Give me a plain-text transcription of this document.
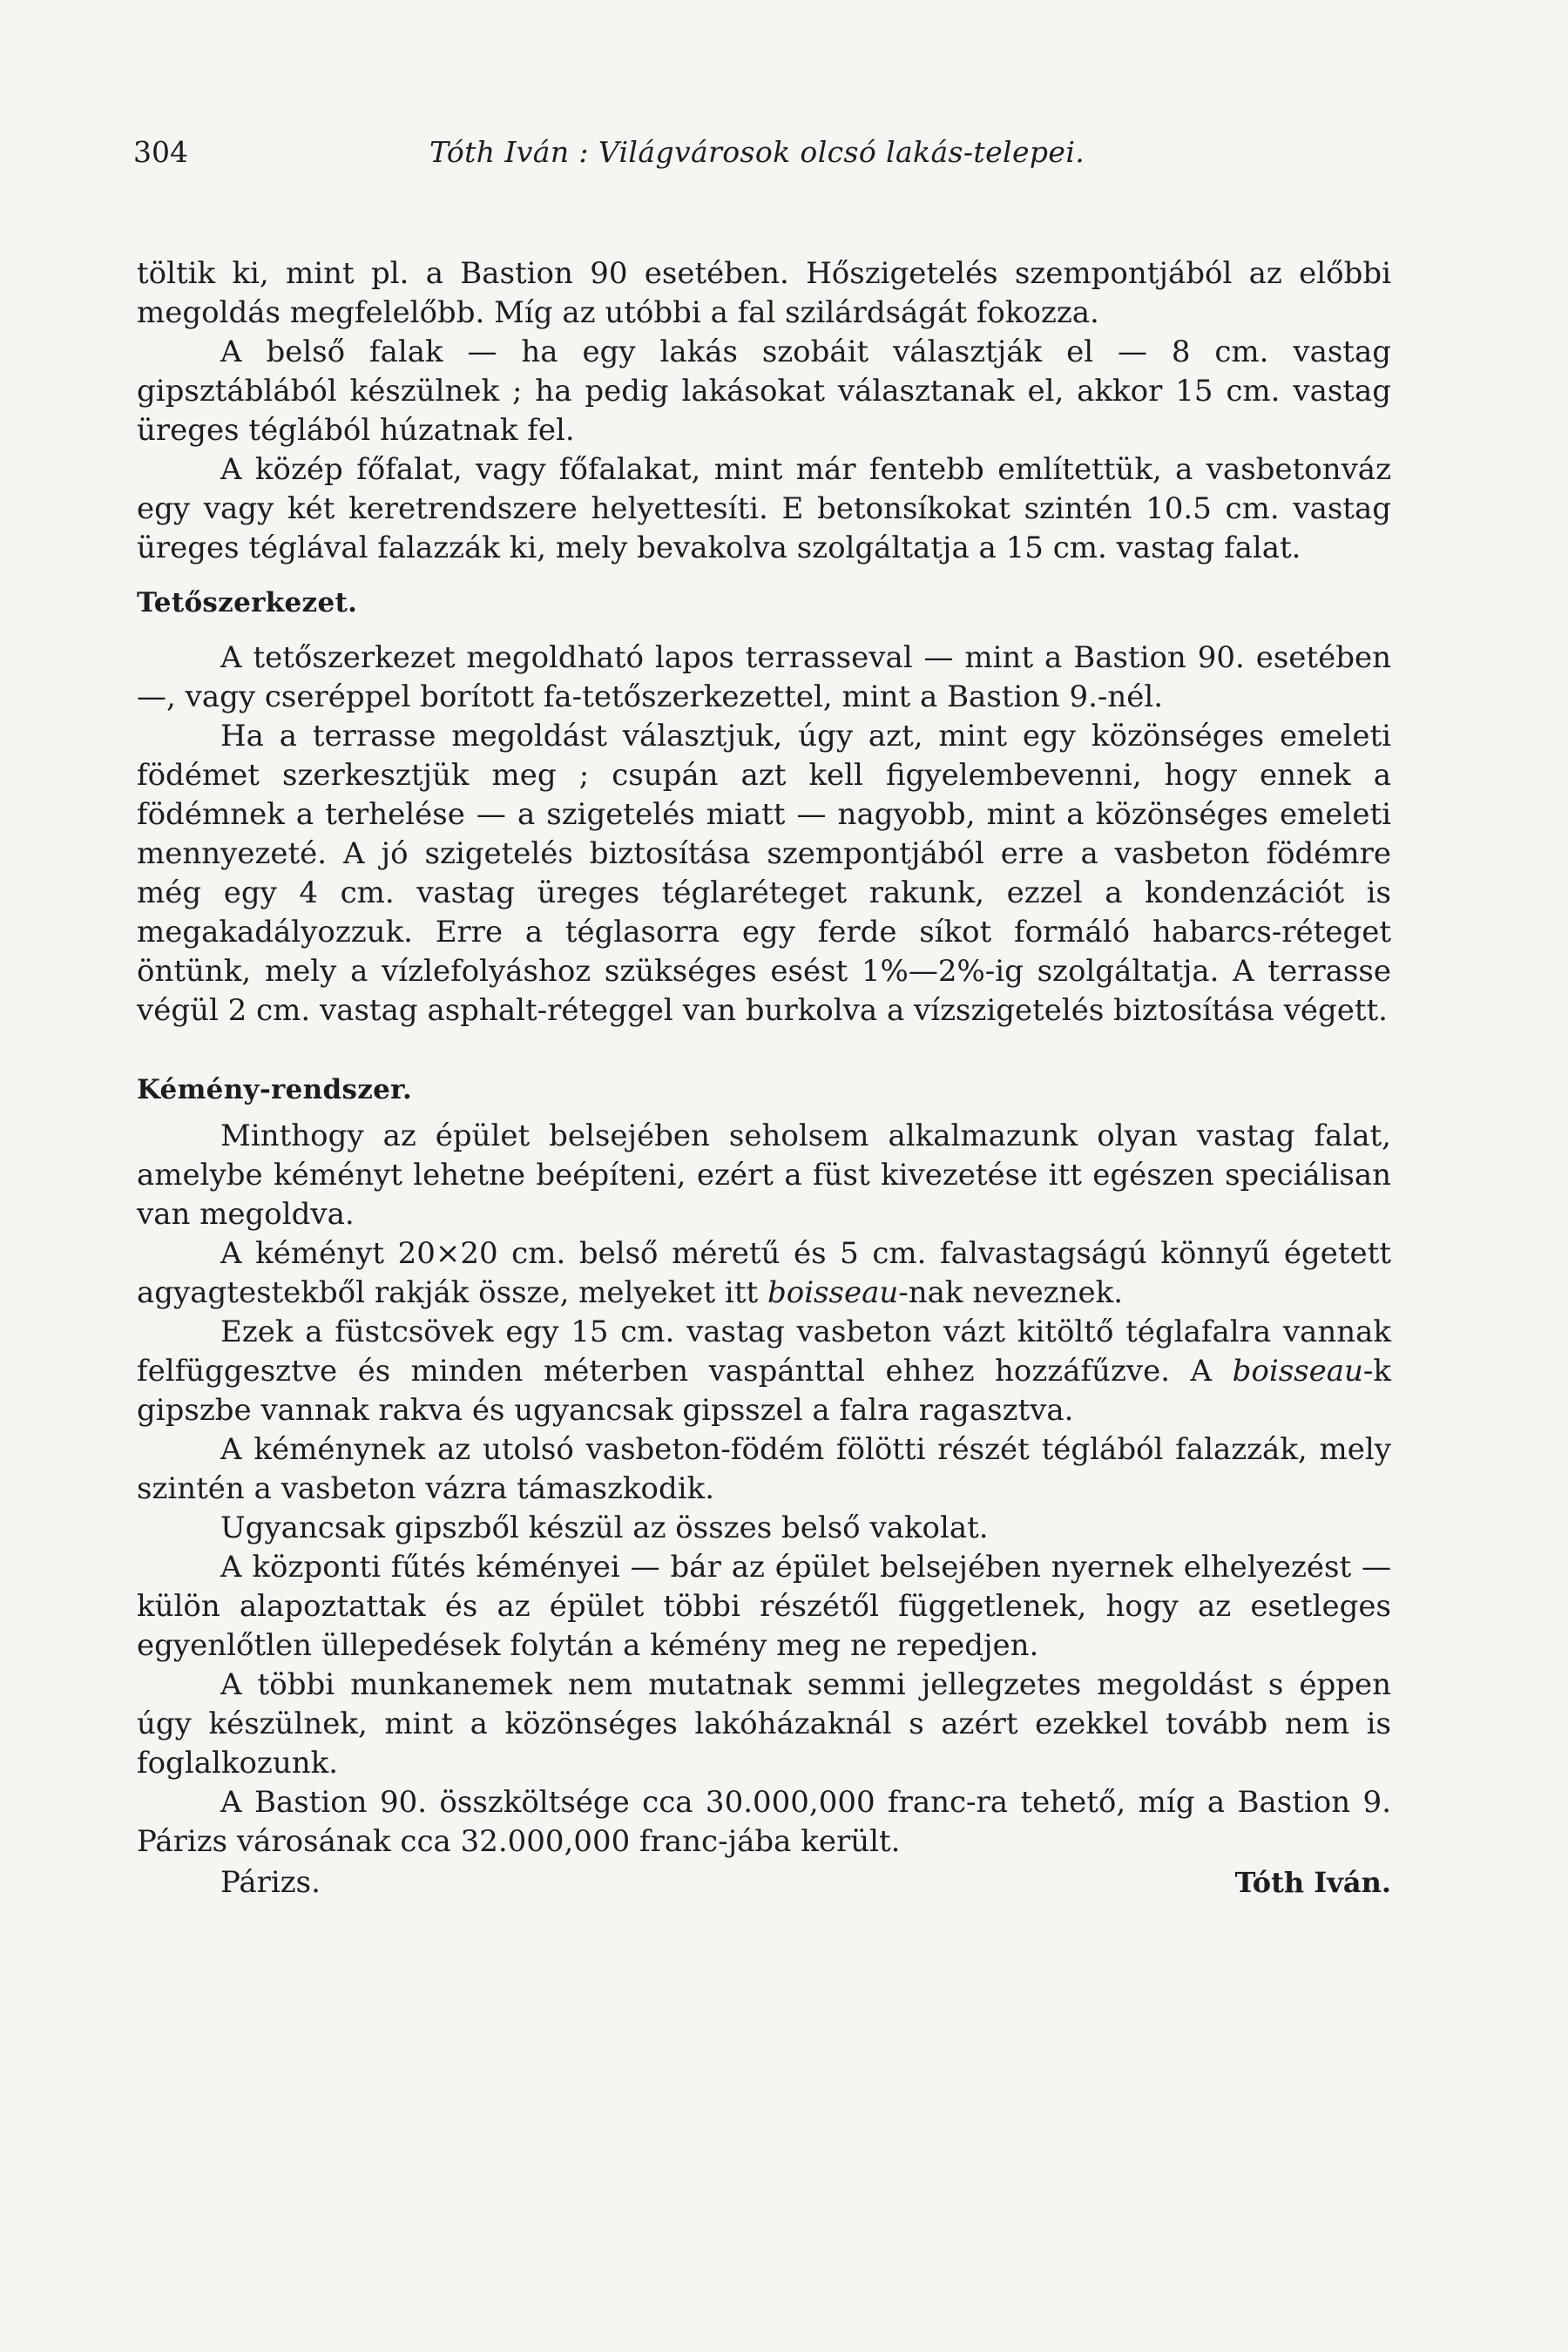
304	Tóth Iván : Világvárosok olcsó lakás-telepei.

töltik ki, mint pl. a Bastion 90 esetében. Hőszigetelés szempontjából az előbbi megoldás megfelelőbb. Míg az utóbbi a fal szilárdságát fokozza.

A belső falak — ha egy lakás szobáit választják el — 8 cm. vastag gipsztáblából készülnek ; ha pedig lakásokat választanak el, akkor 15 cm. vastag üreges téglából húzatnak fel.

A közép főfalat, vagy főfalakat, mint már fentebb említettük, a vasbetonváz egy vagy két keretrendszere helyettesíti. E betonsíkokat szintén 10.5 cm. vastag üreges téglával falazzák ki, mely bevakolva szolgáltatja a 15 cm. vastag falat.

Tetőszerkezet.

A tetőszerkezet megoldható lapos terrasseval — mint a Bastion 90. esetében —, vagy cseréppel borított fa-tetőszerkezettel, mint a Bastion 9.-nél.

Ha a terrasse megoldást választjuk, úgy azt, mint egy közönséges emeleti födémet szerkesztjük meg ; csupán azt kell figyelembevenni, hogy ennek a födémnek a terhelése — a szigetelés miatt — nagyobb, mint a közönséges emeleti mennyezeté. A jó szigetelés biztosítása szempontjából erre a vasbeton födémre még egy 4 cm. vastag üreges téglaréteget rakunk, ezzel a kondenzációt is megakadályozzuk. Erre a téglasorra egy ferde síkot formáló habarcs-réteget öntünk, mely a vízlefolyáshoz szükséges esést 1%—2%-ig szolgáltatja. A terrasse végül 2 cm. vastag asphalt-réteggel van burkolva a vízszigetelés biztosítása végett.

Kémény-rendszer.

Minthogy az épület belsejében seholsem alkalmazunk olyan vastag falat, amelybe kéményt lehetne beépíteni, ezért a füst kivezetése itt egészen speciálisan van megoldva.

A kéményt 20×20 cm. belső méretű és 5 cm. falvastagságú könnyű égetett agyagtestekből rakják össze, melyeket itt boisseau-nak neveznek.

Ezek a füstcsövek egy 15 cm. vastag vasbeton vázt kitöltő téglafalra vannak felfüggesztve és minden méterben vaspánttal ehhez hozzáfűzve. A boisseau-k gipszbe vannak rakva és ugyancsak gipsszel a falra ragasztva.

A kéménynek az utolsó vasbeton-födém fölötti részét téglából falazzák, mely szintén a vasbeton vázra támaszkodik.

Ugyancsak gipszből készül az összes belső vakolat.

A központi fűtés kéményei — bár az épület belsejében nyernek elhelyezést — külön alapoztattak és az épület többi részétől függetlenek, hogy az esetleges egyenlőtlen üllepedések folytán a kémény meg ne repedjen.

A többi munkanemek nem mutatnak semmi jellegzetes megoldást s éppen úgy készülnek, mint a közönséges lakóházaknál s azért ezekkel tovább nem is foglalkozunk.

A Bastion 90. összköltsége cca 30.000,000 franc-ra tehető, míg a Bastion 9. Párizs városának cca 32.000,000 franc-jába került.

Párizs.	Tóth Iván.
